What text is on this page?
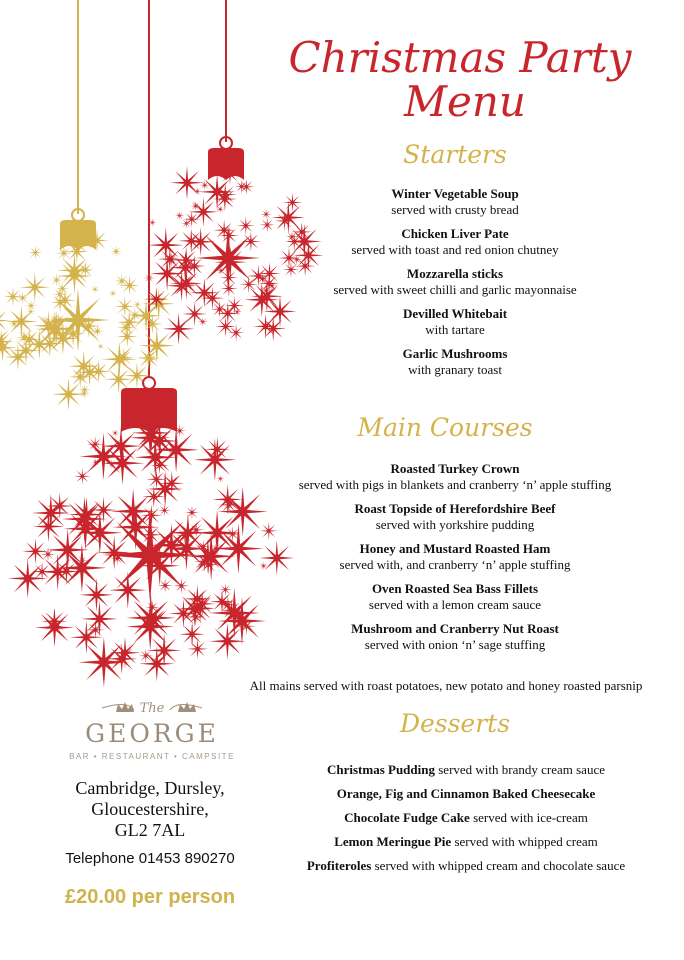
Christmas Party
Menu
Starters
Winter Vegetable Soup
served with crusty bread
Chicken Liver Pate
served with toast and red onion chutney
Mozzarella sticks
served with sweet chilli and garlic mayonnaise
Devilled Whitebait
with tartare
Garlic Mushrooms
with granary toast
Main Courses
Roasted Turkey Crown
served with pigs in blankets and cranberry ‘n’ apple stuffing
Roast Topside of Herefordshire Beef
served with yorkshire pudding
Honey and Mustard Roasted Ham
served with, and cranberry ‘n’ apple stuffing
Oven Roasted Sea Bass Fillets
served with a lemon cream sauce
Mushroom and Cranberry Nut Roast
served with onion ‘n’ sage stuffing
All mains served with roast potatoes, new potato and honey roasted parsnip
Desserts
Christmas Pudding served with brandy cream sauce
Orange, Fig and Cinnamon Baked Cheesecake
Chocolate Fudge Cake served with ice-cream
Lemon Meringue Pie served with whipped cream
Profiteroles served with whipped cream and chocolate sauce
The
GEORGE
BAR • RESTAURANT • CAMPSITE
Cambridge, Dursley,
Gloucestershire,
GL2 7AL
Telephone 01453 890270
£20.00 per person
